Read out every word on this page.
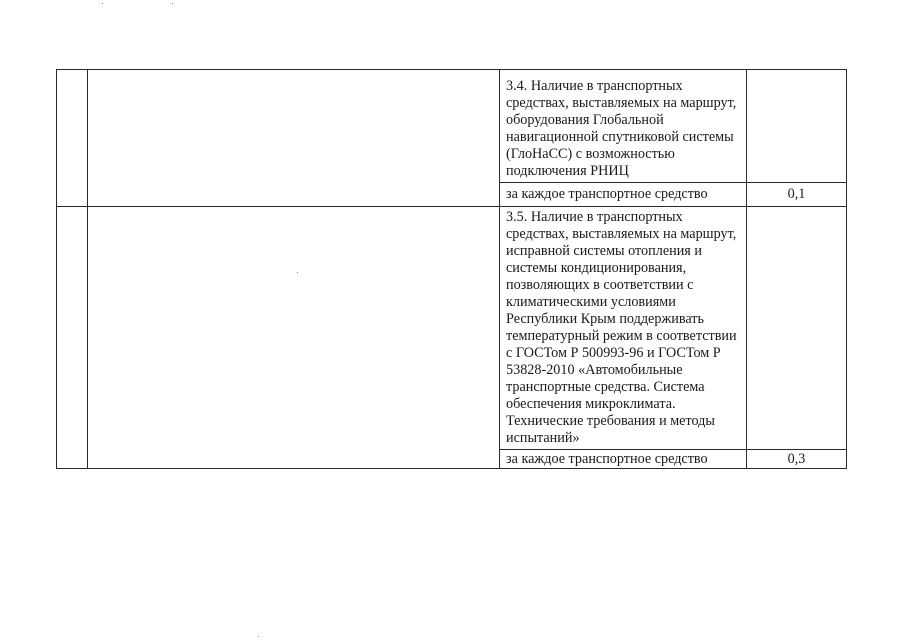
		3.4. Наличие в транспортных средствах, выставляемых на маршрут, оборудования Глобальной навигационной спутниковой системы (ГлоНаСС) с возможностью подключения РНИЦ	

		за каждое транспортное средство	0,1

		3.5. Наличие в транспортных средствах, выставляемых на маршрут, исправной системы отопления и системы кондиционирования, позволяющих в соответствии с климатическими условиями Республики Крым поддерживать температурный режим в соответствии с ГОСТом Р 500993-96 и ГОСТом Р 53828-2010 «Автомобильные транспортные средства. Система обеспечения микроклимата. Технические требования и методы испытаний»	

		за каждое транспортное средство	0,3
